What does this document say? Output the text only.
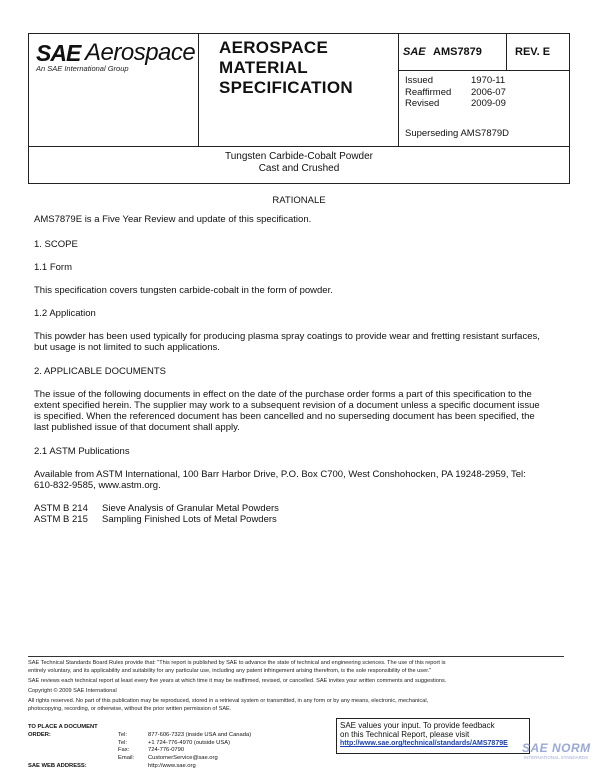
SAE Aerospace
An SAE International Group
AEROSPACE
MATERIAL
SPECIFICATION
SAE AMS7879	REV. E
Issued	1970-11
Reaffirmed 2006-07
Revised	2009-09
Superseding AMS7879D
Tungsten Carbide-Cobalt Powder
Cast and Crushed
RATIONALE
AMS7879E is a Five Year Review and update of this specification.
1. SCOPE
1.1 Form
This specification covers tungsten carbide-cobalt in the form of powder.
1.2 Application
This powder has been used typically for producing plasma spray coatings to provide wear and fretting resistant surfaces,
but usage is not limited to such applications.
2. APPLICABLE DOCUMENTS
The issue of the following documents in effect on the date of the purchase order forms a part of this specification to the
extent specified herein. The supplier may work to a subsequent revision of a document unless a specific document issue
is specified. When the referenced document has been cancelled and no superseding document has been specified, the
last published issue of that document shall apply.
2.1 ASTM Publications
Available from ASTM International, 100 Barr Harbor Drive, P.O. Box C700, West Conshohocken, PA 19248-2959, Tel:
610-832-9585, www.astm.org.
ASTM B 214 Sieve Analysis of Granular Metal Powders
ASTM B 215 Sampling Finished Lots of Metal Powders
SAE Technical Standards Board Rules provide that: "This report is published by SAE to advance the state of technical and engineering sciences. The use of this report is
entirely voluntary, and its applicability and suitability for any particular use, including any patent infringement arising therefrom, is the sole responsibility of the user."
SAE reviews each technical report at least every five years at which time it may be reaffirmed, revised, or cancelled. SAE invites your written comments and suggestions.
Copyright © 2009 SAE International
All rights reserved. No part of this publication may be reproduced, stored in a retrieval system or transmitted, in any form or by any means, electronic, mechanical,
photocopying, recording, or otherwise, without the prior written permission of SAE.
TO PLACE A DOCUMENT ORDER:	Tel:	877-606-7323 (inside USA and Canada)
Tel:	+1 724-776-4970 (outside USA)
Fax:	724-776-0790
Email: CustomerService@sae.org
SAE WEB ADDRESS:	http://www.sae.org
SAE values your input. To provide feedback
on this Technical Report, please visit
http://www.sae.org/technical/standards/AMS7879E	SAE NORM
INTERNATIONAL STANDARDS
